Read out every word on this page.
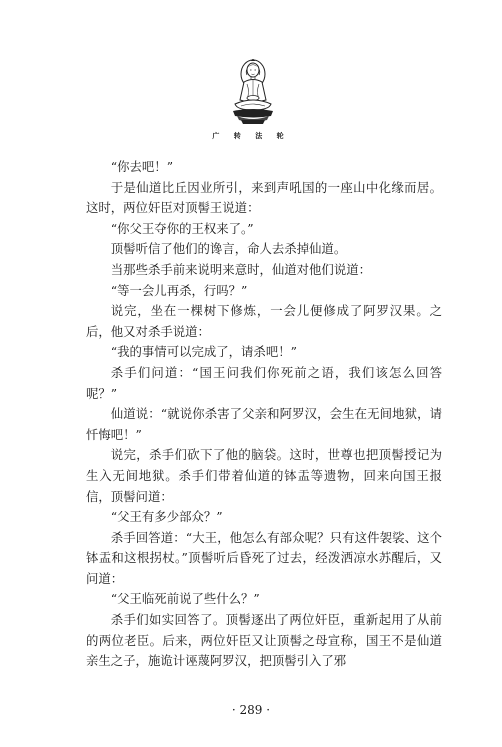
广 转 法 轮

“你去吧！”

于是仙道比丘因业所引，来到声吼国的一座山中化缘而居。这时，两位奸臣对顶髻王说道：

“你父王夺你的王权来了。”

顶髻听信了他们的谗言，命人去杀掉仙道。

当那些杀手前来说明来意时，仙道对他们说道：

“等一会儿再杀，行吗？”

说完，坐在一棵树下修炼，一会儿便修成了阿罗汉果。之后，他又对杀手说道：

“我的事情可以完成了，请杀吧！”

杀手们问道：“国王问我们你死前之语，我们该怎么回答呢？”

仙道说：“就说你杀害了父亲和阿罗汉，会生在无间地狱，请忏悔吧！”

说完，杀手们砍下了他的脑袋。这时，世尊也把顶髻授记为生入无间地狱。杀手们带着仙道的钵盂等遗物，回来向国王报信，顶髻问道：

“父王有多少部众？”

杀手回答道：“大王，他怎么有部众呢？只有这件袈裟、这个钵盂和这根拐杖。”顶髻听后昏死了过去，经泼洒凉水苏醒后，又问道：

“父王临死前说了些什么？”

杀手们如实回答了。顶髻逐出了两位奸臣，重新起用了从前的两位老臣。后来，两位奸臣又让顶髻之母宣称，国王不是仙道亲生之子，施诡计诬蔑阿罗汉，把顶髻引入了邪

· 289 ·
